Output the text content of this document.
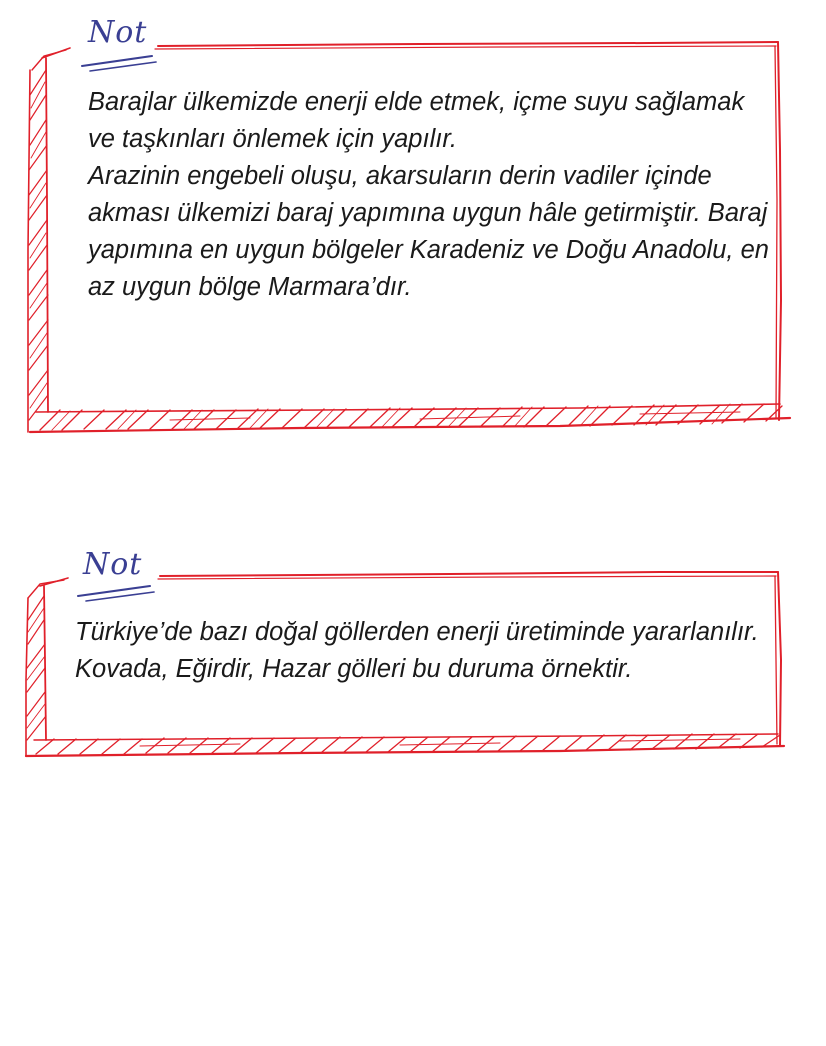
Not

Barajlar ülkemizde enerji elde etmek, içme suyu sağlamak ve taşkınları önlemek için yapılır.

Arazinin engebeli oluşu, akarsuların derin vadiler içinde akması ülkemizi baraj yapımına uygun hâle getirmiştir. Baraj yapımına en uygun bölgeler Karadeniz ve Doğu Anadolu, en az uygun bölge Marmara’dır.

Not

Türkiye’de bazı doğal göllerden enerji üretiminde yararlanılır. Kovada, Eğirdir, Hazar gölleri bu duruma örnektir.
